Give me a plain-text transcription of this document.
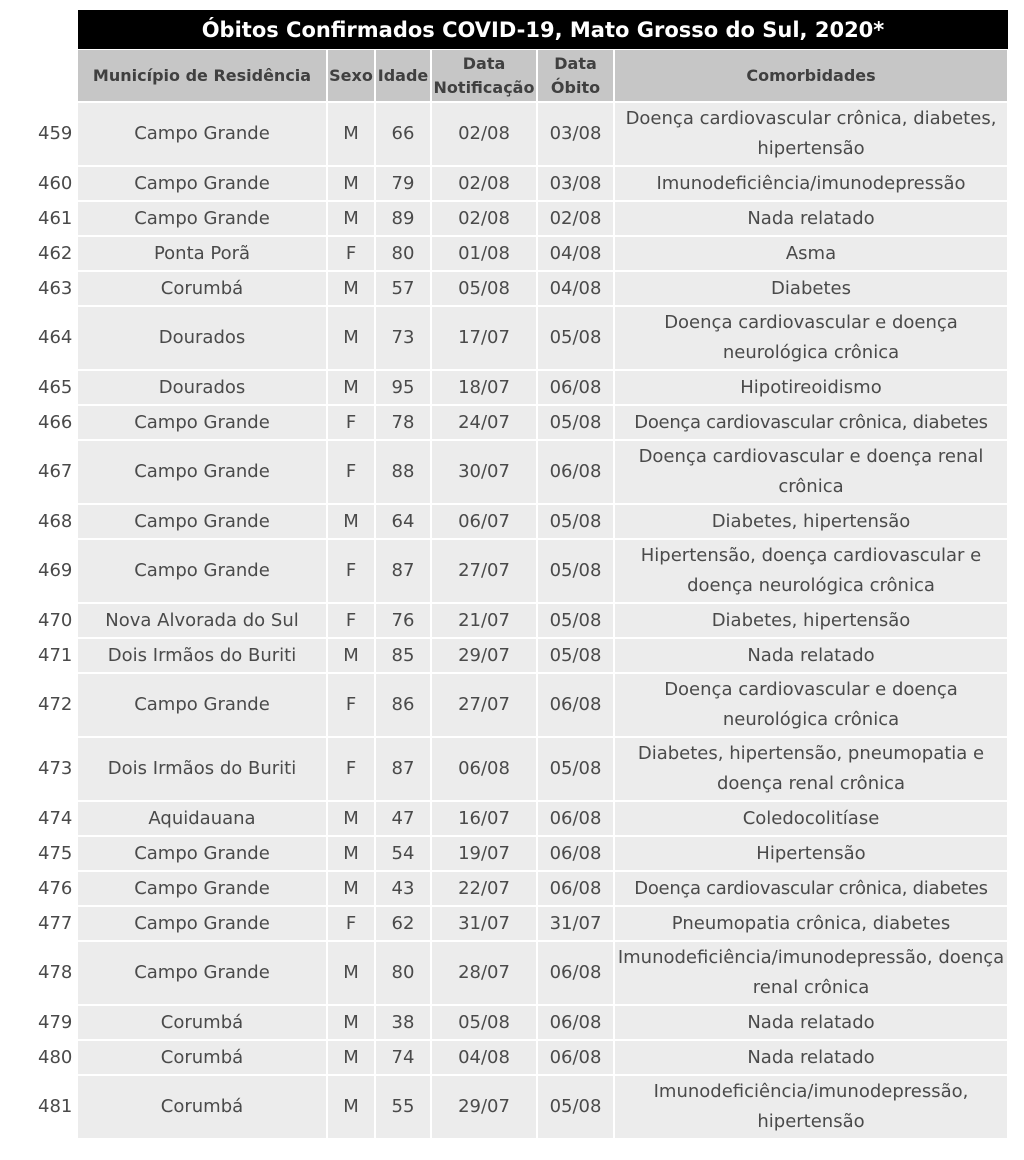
Óbitos Confirmados COVID-19, Mato Grosso do Sul, 2020*
	Município de Residência	Sexo	Idade	Data Notificação	Data Óbito	Comorbidades
459	Campo Grande	M	66	02/08	03/08	Doença cardiovascular crônica, diabetes, hipertensão
460	Campo Grande	M	79	02/08	03/08	Imunodeficiência/imunodepressão
461	Campo Grande	M	89	02/08	02/08	Nada relatado
462	Ponta Porã	F	80	01/08	04/08	Asma
463	Corumbá	M	57	05/08	04/08	Diabetes
464	Dourados	M	73	17/07	05/08	Doença cardiovascular e doença neurológica crônica
465	Dourados	M	95	18/07	06/08	Hipotireoidismo
466	Campo Grande	F	78	24/07	05/08	Doença cardiovascular crônica, diabetes
467	Campo Grande	F	88	30/07	06/08	Doença cardiovascular e doença renal crônica
468	Campo Grande	M	64	06/07	05/08	Diabetes, hipertensão
469	Campo Grande	F	87	27/07	05/08	Hipertensão, doença cardiovascular e doença neurológica crônica
470	Nova Alvorada do Sul	F	76	21/07	05/08	Diabetes, hipertensão
471	Dois Irmãos do Buriti	M	85	29/07	05/08	Nada relatado
472	Campo Grande	F	86	27/07	06/08	Doença cardiovascular e doença neurológica crônica
473	Dois Irmãos do Buriti	F	87	06/08	05/08	Diabetes, hipertensão, pneumopatia e doença renal crônica
474	Aquidauana	M	47	16/07	06/08	Coledocolitíase
475	Campo Grande	M	54	19/07	06/08	Hipertensão
476	Campo Grande	M	43	22/07	06/08	Doença cardiovascular crônica, diabetes
477	Campo Grande	F	62	31/07	31/07	Pneumopatia crônica, diabetes
478	Campo Grande	M	80	28/07	06/08	Imunodeficiência/imunodepressão, doença renal crônica
479	Corumbá	M	38	05/08	06/08	Nada relatado
480	Corumbá	M	74	04/08	06/08	Nada relatado
481	Corumbá	M	55	29/07	05/08	Imunodeficiência/imunodepressão, hipertensão
